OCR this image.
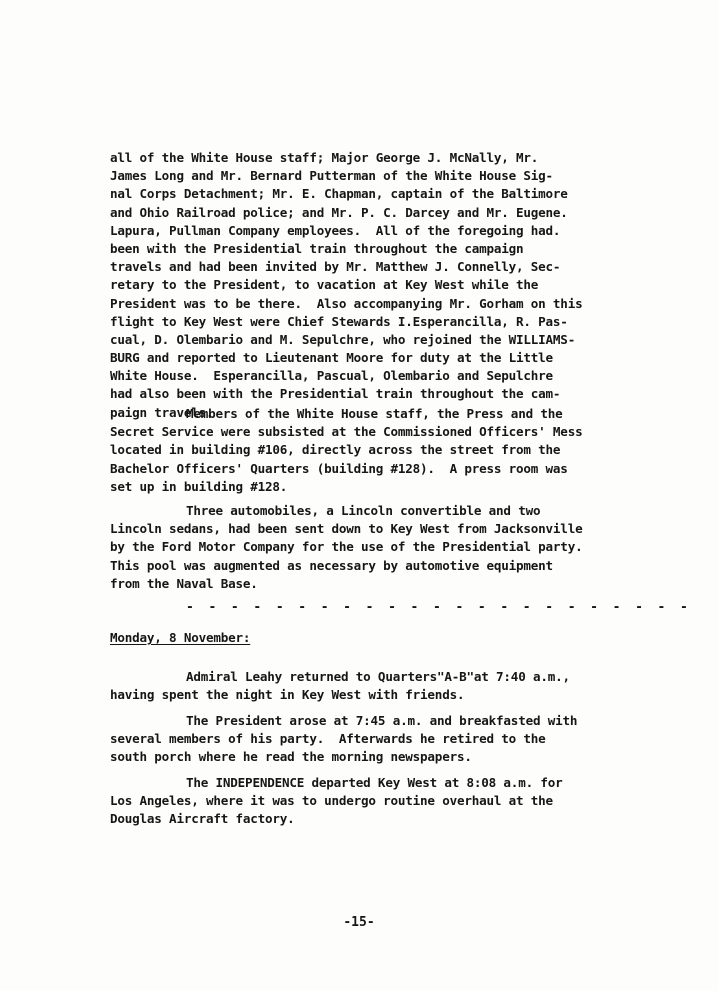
all of the White House staff; Major George J. McNally, Mr.
James Long and Mr. Bernard Putterman of the White House Sig-
nal Corps Detachment; Mr. E. Chapman, captain of the Baltimore
and Ohio Railroad police; and Mr. P. C. Darcey and Mr. Eugene.
Lapura, Pullman Company employees.  All of the foregoing had.
been with the Presidential train throughout the campaign
travels and had been invited by Mr. Matthew J. Connelly, Sec-
retary to the President, to vacation at Key West while the
President was to be there.  Also accompanying Mr. Gorham on this
flight to Key West were Chief Stewards I.Esperancilla, R. Pas-
cual, D. Olembario and M. Sepulchre, who rejoined the WILLIAMS-
BURG and reported to Lieutenant Moore for duty at the Little
White House.  Esperancilla, Pascual, Olembario and Sepulchre
had also been with the Presidential train throughout the cam-
paign travels.
Members of the White House staff, the Press and the
Secret Service were subsisted at the Commissioned Officers' Mess
located in building #106, directly across the street from the
Bachelor Officers' Quarters (building #128).  A press room was
set up in building #128.
Three automobiles, a Lincoln convertible and two
Lincoln sedans, had been sent down to Key West from Jacksonville
by the Ford Motor Company for the use of the Presidential party.
This pool was augmented as necessary by automotive equipment
from the Naval Base.
- - - - - - - - - - - - - - - - - - - - - - -
Monday, 8 November:
Admiral Leahy returned to Quarters"A-B"at 7:40 a.m.,
having spent the night in Key West with friends.
The President arose at 7:45 a.m. and breakfasted with
several members of his party.  Afterwards he retired to the
south porch where he read the morning newspapers.
The INDEPENDENCE departed Key West at 8:08 a.m. for
Los Angeles, where it was to undergo routine overhaul at the
Douglas Aircraft factory.
-15-
